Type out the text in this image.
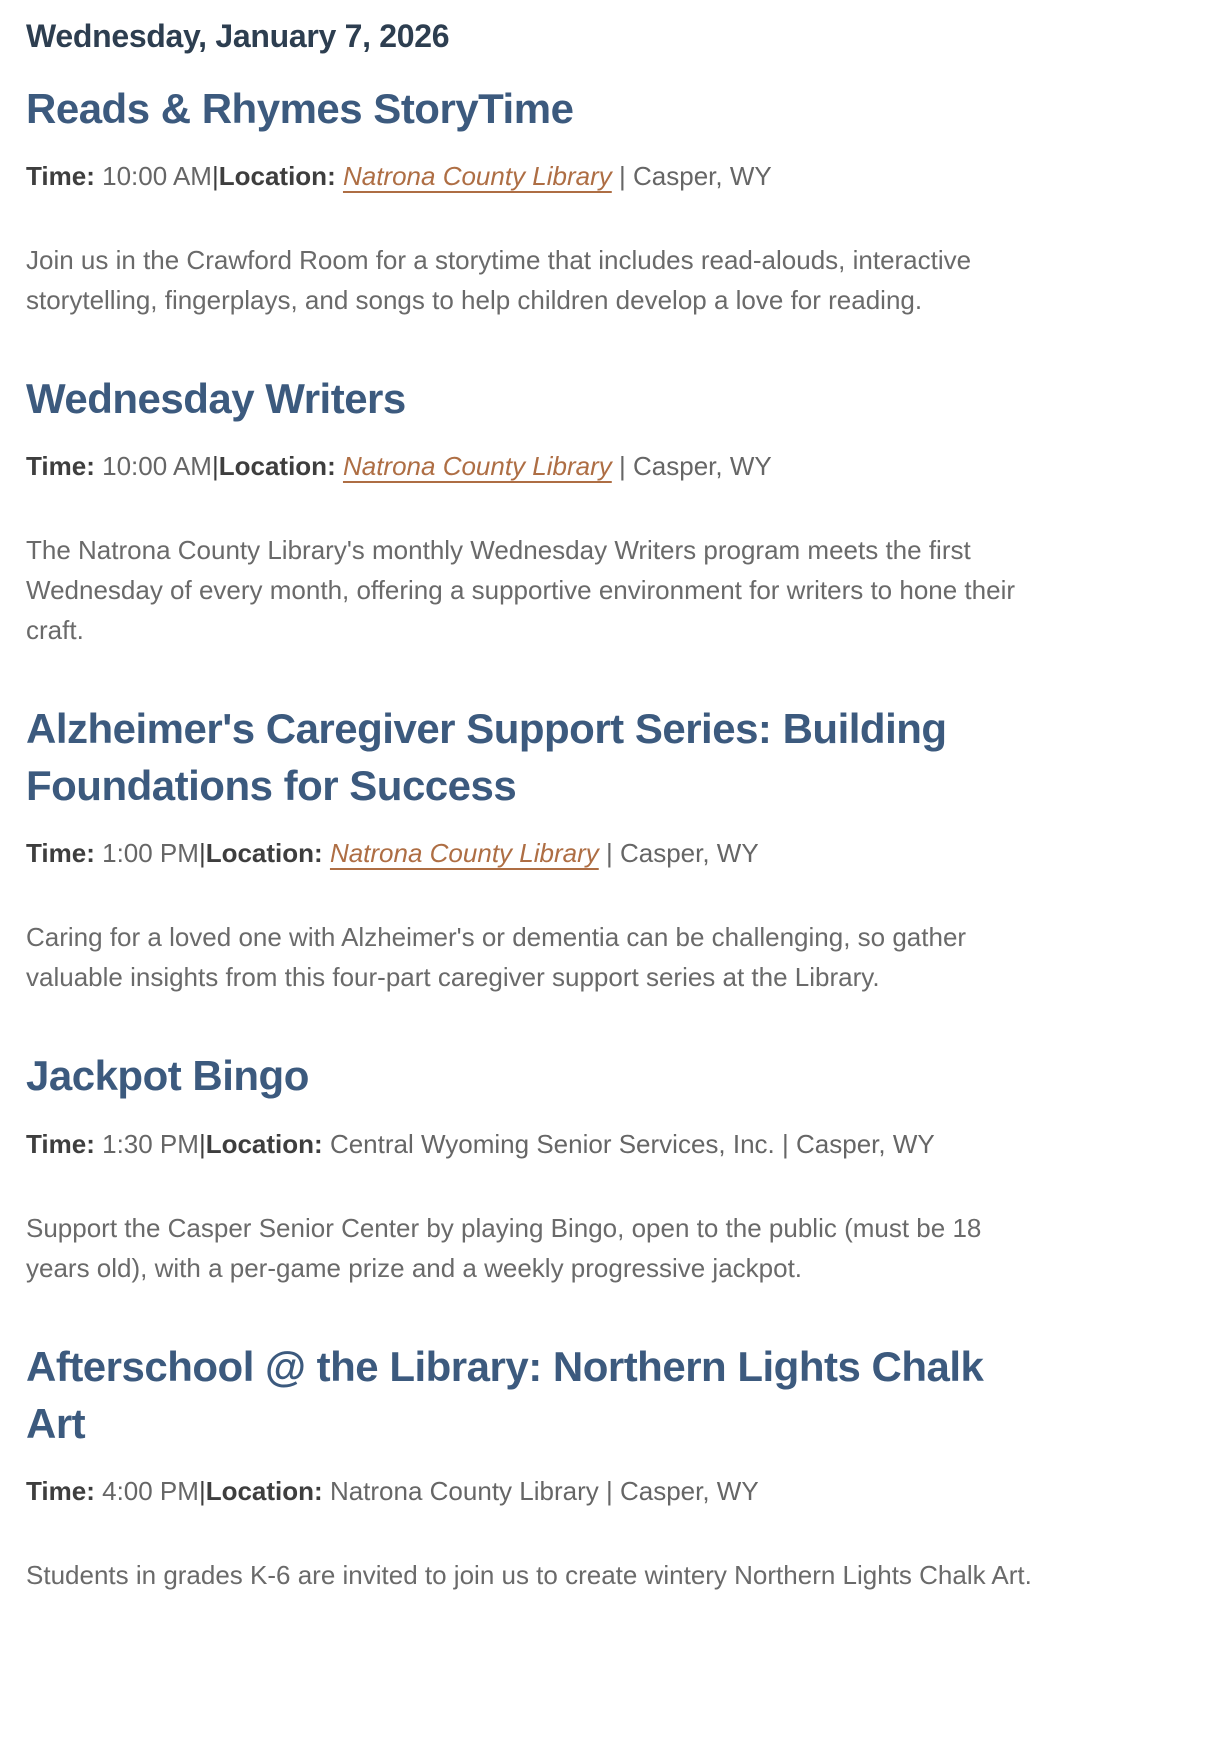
Wednesday, January 7, 2026
Reads & Rhymes StoryTime

Time: 10:00 AM|Location: Natrona County Library | Casper, WY

Join us in the Crawford Room for a storytime that includes read-alouds, interactive storytelling, fingerplays, and songs to help children develop a love for reading.

Wednesday Writers

Time: 10:00 AM|Location: Natrona County Library | Casper, WY

The Natrona County Library's monthly Wednesday Writers program meets the first Wednesday of every month, offering a supportive environment for writers to hone their craft.

Alzheimer's Caregiver Support Series: Building Foundations for Success

Time: 1:00 PM|Location: Natrona County Library | Casper, WY

Caring for a loved one with Alzheimer's or dementia can be challenging, so gather valuable insights from this four-part caregiver support series at the Library.

Jackpot Bingo

Time: 1:30 PM|Location: Central Wyoming Senior Services, Inc. | Casper, WY

Support the Casper Senior Center by playing Bingo, open to the public (must be 18 years old), with a per-game prize and a weekly progressive jackpot.

Afterschool @ the Library: Northern Lights Chalk Art

Time: 4:00 PM|Location: Natrona County Library | Casper, WY

Students in grades K-6 are invited to join us to create wintery Northern Lights Chalk Art.
